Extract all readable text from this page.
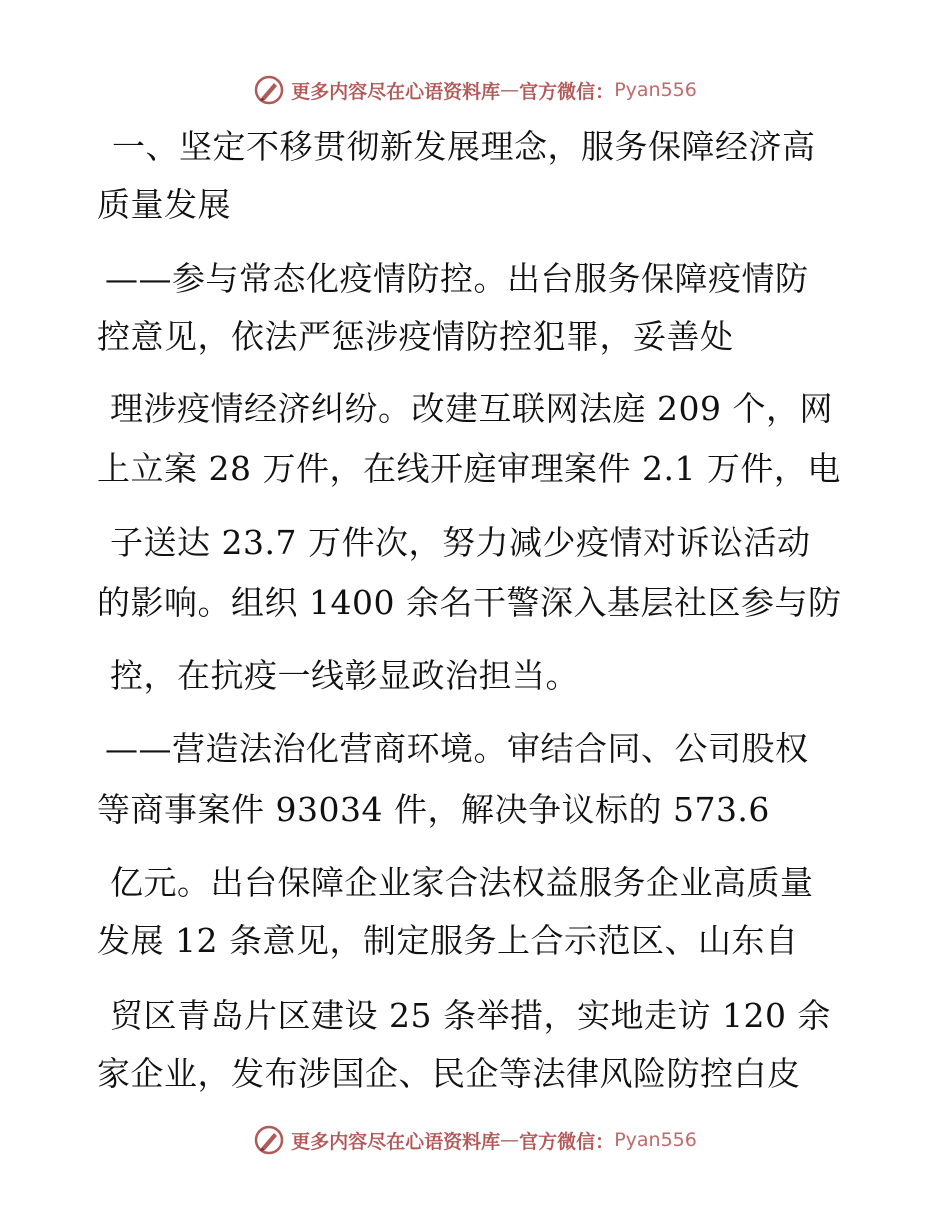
更多内容尽在心语资料库 — 官方微信： Pyan556
一、坚定不移贯彻新发展理念，服务保障经济高
质量发展
——参与常态化疫情防控。出台服务保障疫情防
控意见，依法严惩涉疫情防控犯罪，妥善处
理涉疫情经济纠纷。改建互联网法庭 209 个，网
上立案 28 万件，在线开庭审理案件 2.1 万件，电
子送达 23.7 万件次，努力减少疫情对诉讼活动
的影响。组织 1400 余名干警深入基层社区参与防
控，在抗疫一线彰显政治担当。
——营造法治化营商环境。审结合同、公司股权
等商事案件 93034 件，解决争议标的 573.6
亿元。出台保障企业家合法权益服务企业高质量
发展 12 条意见，制定服务上合示范区、山东自
贸区青岛片区建设 25 条举措，实地走访 120 余
家企业，发布涉国企、民企等法律风险防控白皮
更多内容尽在心语资料库 — 官方微信： Pyan556
